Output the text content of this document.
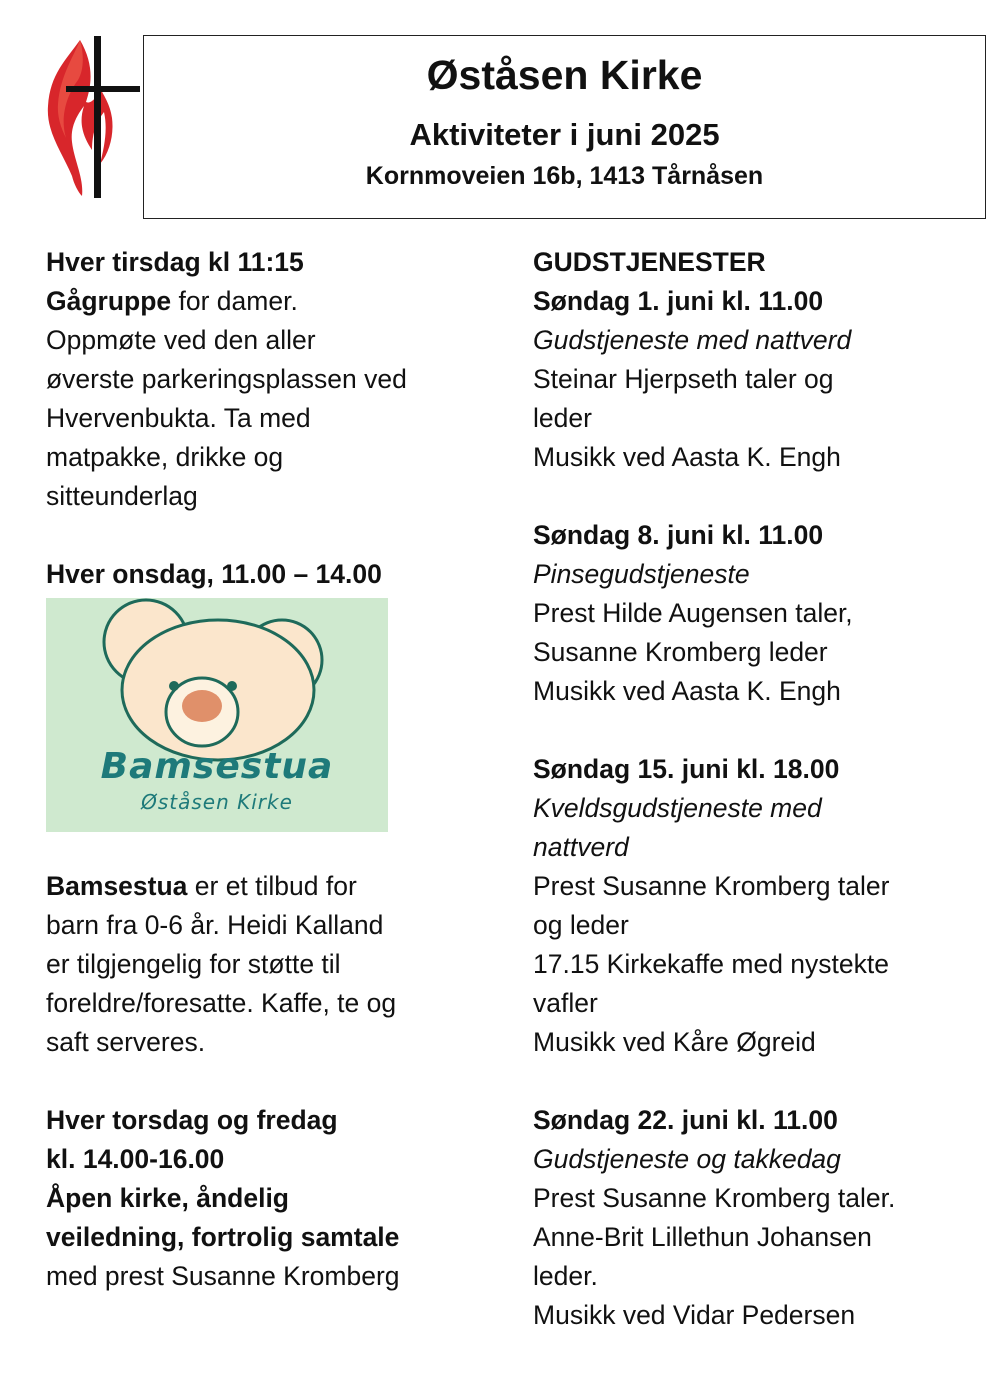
Øståsen Kirke
Aktiviteter i juni 2025
Kornmoveien 16b, 1413 Tårnåsen
Hver tirsdag kl 11:15
Gågruppe for damer.
Oppmøte ved den aller
øverste parkeringsplassen ved
Hvervenbukta. Ta med
matpakke, drikke og
sitteunderlag
Hver onsdag, 11.00 – 14.00
Bamsestua er et tilbud for
barn fra 0-6 år. Heidi Kalland
er tilgjengelig for støtte til
foreldre/foresatte. Kaffe, te og
saft serveres.
Hver torsdag og fredag
kl. 14.00-16.00
Åpen kirke, åndelig
veiledning, fortrolig samtale
med prest Susanne Kromberg
Bamsestua
Øståsen Kirke
GUDSTJENESTER
Søndag 1. juni kl. 11.00
Gudstjeneste med nattverd
Steinar Hjerpseth taler og
leder
Musikk ved Aasta K. Engh
Søndag 8. juni kl. 11.00
Pinsegudstjeneste
Prest Hilde Augensen taler,
Susanne Kromberg leder
Musikk ved Aasta K. Engh
Søndag 15. juni kl. 18.00
Kveldsgudstjeneste med
nattverd
Prest Susanne Kromberg taler
og leder
17.15 Kirkekaffe med nystekte
vafler
Musikk ved Kåre Øgreid
Søndag 22. juni kl. 11.00
Gudstjeneste og takkedag
Prest Susanne Kromberg taler.
Anne-Brit Lillethun Johansen
leder.
Musikk ved Vidar Pedersen
